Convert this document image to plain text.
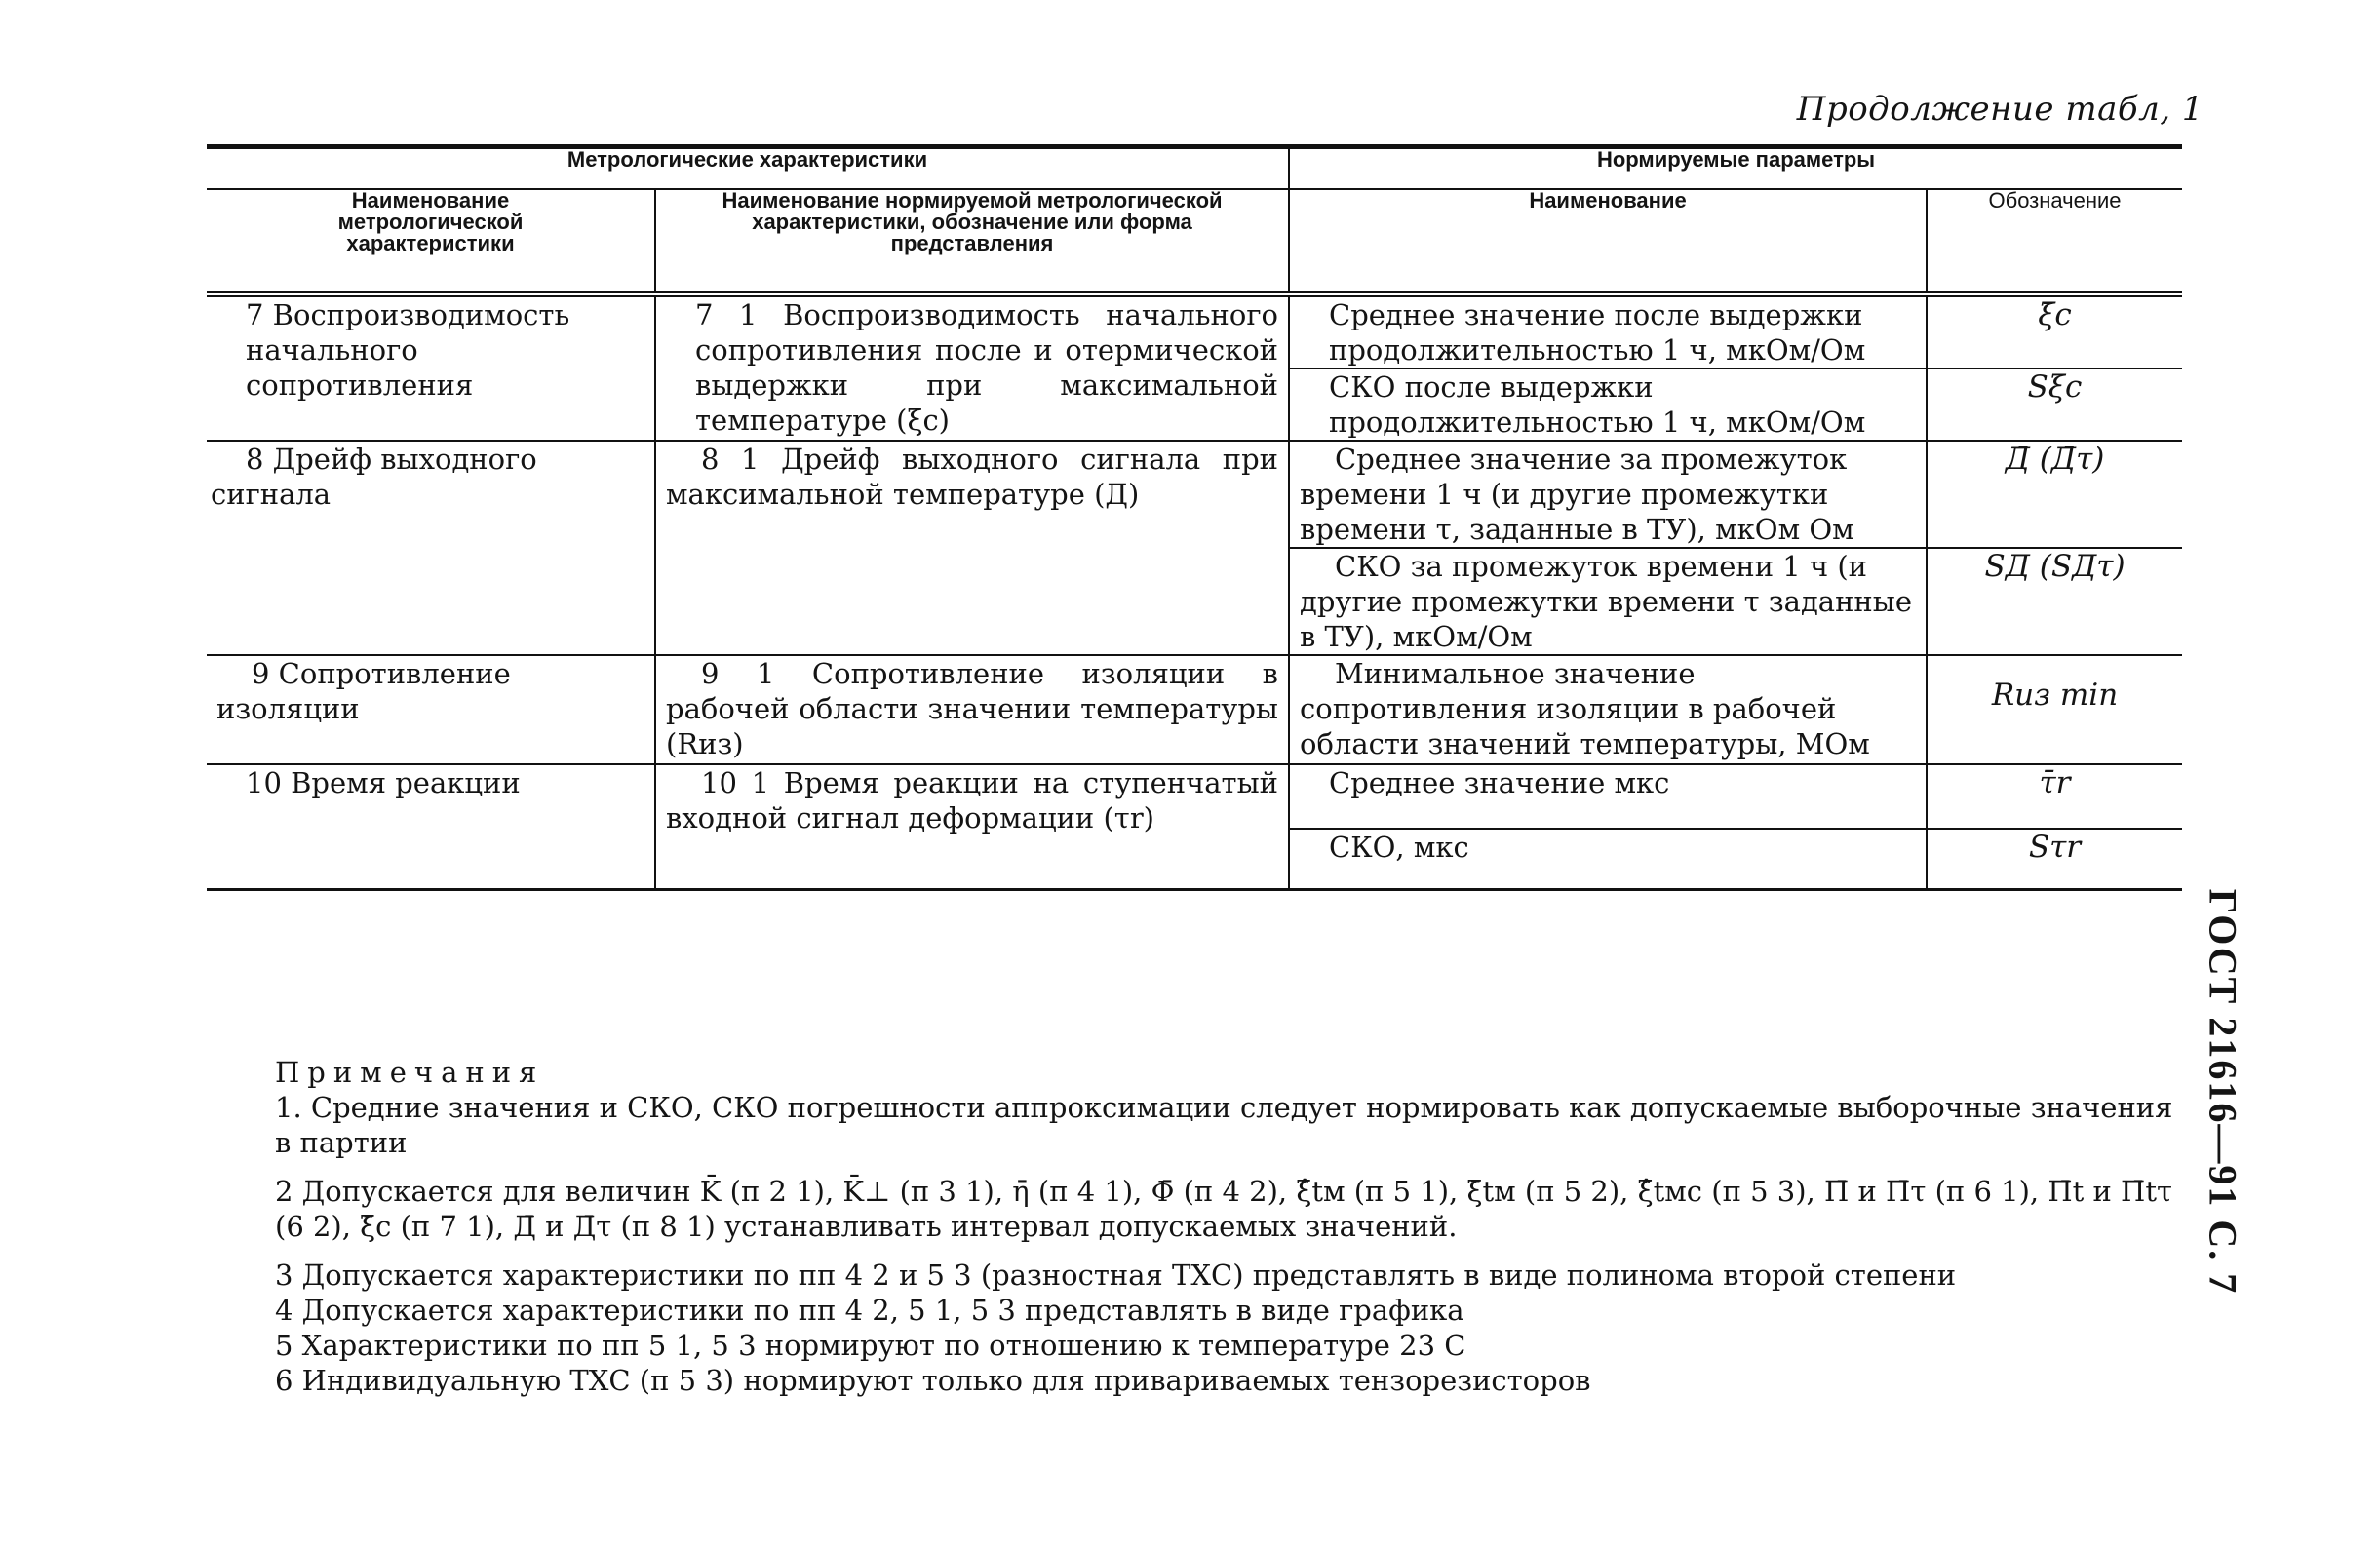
Продолжение табл, 1
ГОСТ 21616—91 С. 7
Метрологические характеристики		Нормируемые параметры	
Наименование метрологической характеристики	Наименование нормируемой метрологической характеристики, обозначение или форма представления	Наименование	Обозначение
7 Воспроизводимость начального сопротивления	7 1 Воспроизводимость начального сопротивления после и отермической выдержки при максимальной температуре (ξс)	Среднее значение после выдержки продолжительностью 1 ч, мкОм/Ом	ξ̄с
		СКО после выдержки продолжительностью 1 ч, мкОм/Ом	Sξс
8 Дрейф выходного сигнала	8 1 Дрейф выходного сигнала при максимальной температуре (Д)	Среднее значение за промежуток времени 1 ч (и другие промежутки времени τ, заданные в ТУ), мкОм Ом	Д̄ (Д̄τ)
		СКО за промежуток времени 1 ч (и другие промежутки времени τ заданные в ТУ), мкОм/Ом	SД (SДτ)
9 Сопротивление изоляции	9 1 Сопротивление изоляции в рабочей области значении температуры (Rиз)	Минимальное значение сопротивления изоляции в рабочей области значений температуры, МОм	Rиз min
10 Время реакции	10 1 Время реакции на ступенчатый входной сигнал деформации (τr)	Среднее значение мкс	τ̄r
		СКО, мкс	Sτr

Примечания

1. Средние значения и СКО, СКО погрешности аппроксимации следует нормировать как допускаемые выборочные значения в партии

2 Допускается для величин K̄ (п 2 1), K̄⊥ (п 3 1), η̄ (п 4 1), Φ̄ (п 4 2), ξ̂tм (п 5 1), ξ̄tм (п 5 2), ξ̂tмс (п 5 3), П̄ и П̄τ (п 6 1), П̄t и П̄tτ (6 2), ξ̄с (п 7 1), Д̄ и Д̄τ (п 8 1) устанавливать интервал допускаемых значений.

3 Допускается характеристики по пп 4 2 и 5 3 (разностная ТХС) представлять в виде полинома второй степени

4 Допускается характеристики по пп 4 2, 5 1, 5 3 представлять в виде графика

5 Характеристики по пп 5 1, 5 3 нормируют по отношению к температуре 23 С

6 Индивидуальную ТХС (п 5 3) нормируют только для привариваемых тензорезисторов
